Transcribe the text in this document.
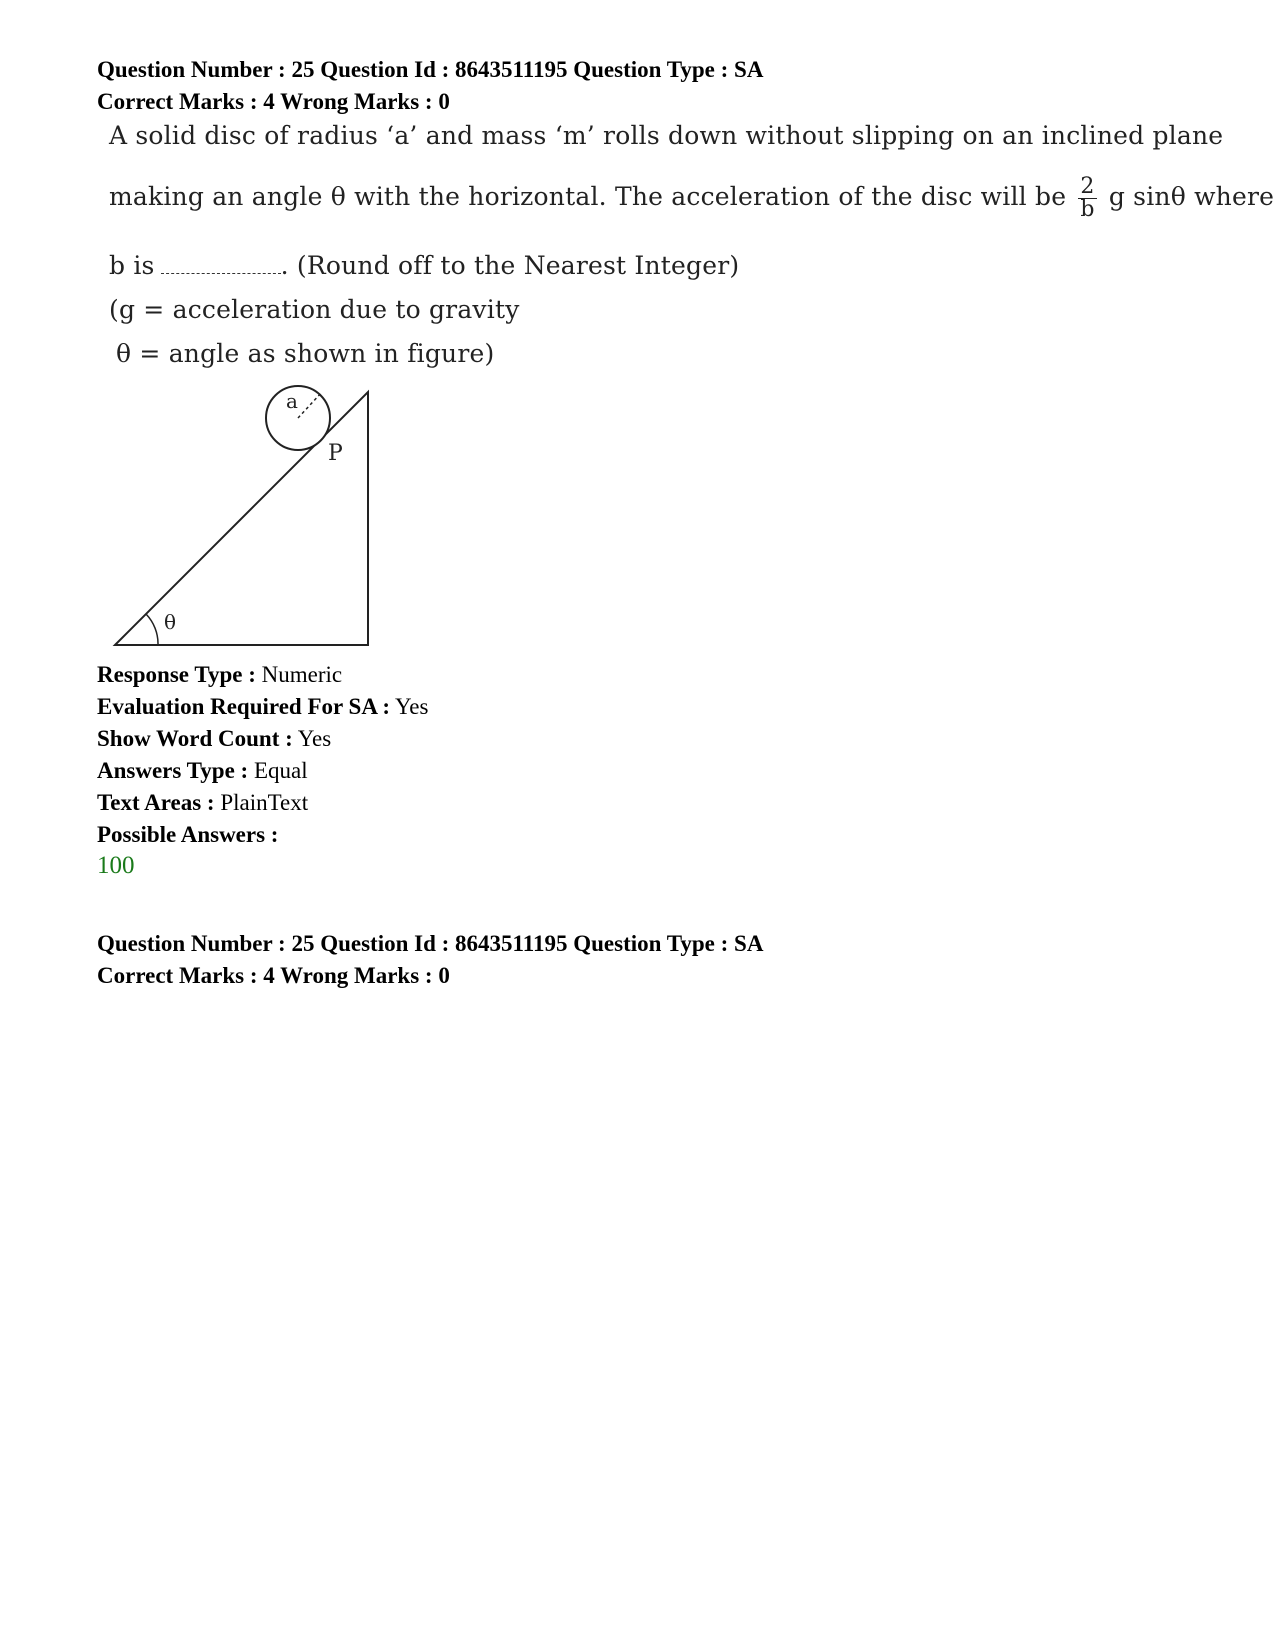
Question Number : 25 Question Id : 8643511195 Question Type : SA
Correct Marks : 4 Wrong Marks : 0
A solid disc of radius ‘a’ and mass ‘m’ rolls down without slipping on an inclined plane
making an angle θ with the horizontal. The acceleration of the disc will be $\frac{2}{b}$ g sinθ where
b is	. (Round off to the Nearest Integer)
(g = acceleration due to gravity
θ = angle as shown in figure)
a
P
θ
Response Type : Numeric
Evaluation Required For SA : Yes
Show Word Count : Yes
Answers Type : Equal
Text Areas : PlainText
Possible Answers :
100
Question Number : 25 Question Id : 8643511195 Question Type : SA
Correct Marks : 4 Wrong Marks : 0
